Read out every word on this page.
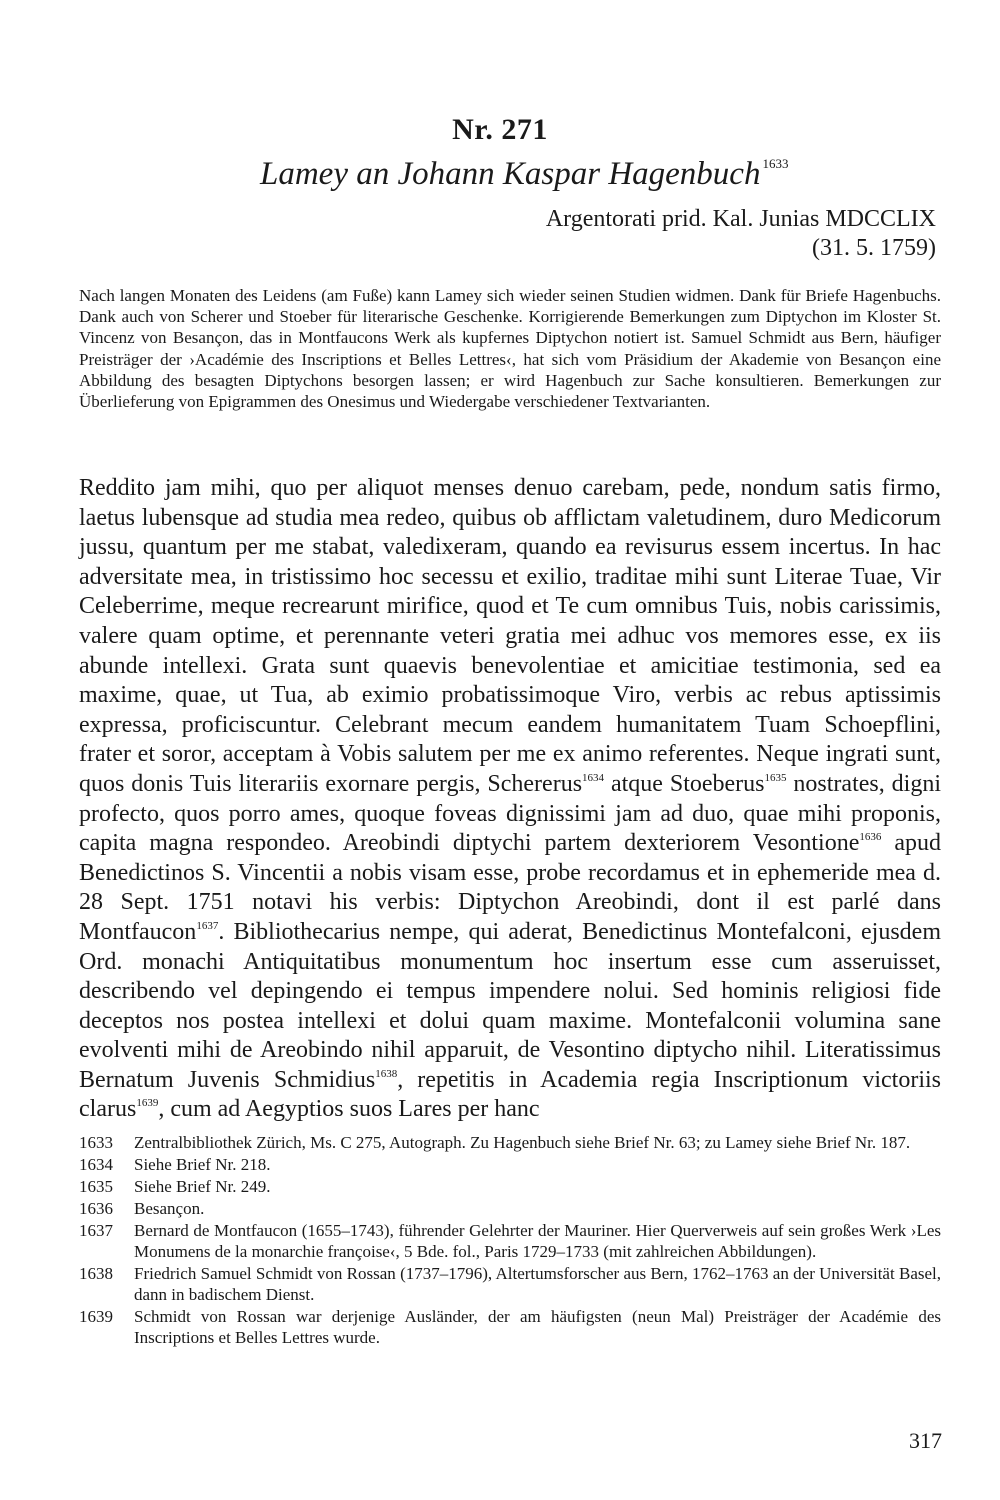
Nr. 271
Lamey an Johann Kaspar Hagenbuch $^{1633}$
Argentorati prid. Kal. Junias MDCCLIX
(31. 5. 1759)
Nach langen Monaten des Leidens (am Fuße) kann Lamey sich wieder seinen Studien widmen. Dank für Briefe Hagenbuchs. Dank auch von Scherer und Stoeber für literarische Geschenke. Korrigierende Bemerkungen zum Diptychon im Kloster St. Vincenz von Besançon, das in Montfaucons Werk als kupfernes Diptychon notiert ist. Samuel Schmidt aus Bern, häufiger Preisträger der ›Académie des Inscriptions et Belles Lettres‹, hat sich vom Präsidium der Akademie von Besançon eine Abbildung des besagten Diptychons besorgen lassen; er wird Hagenbuch zur Sache konsultieren. Bemerkungen zur Überlieferung von Epigrammen des Onesimus und Wiedergabe verschiedener Textvarianten.
Reddito jam mihi, quo per aliquot menses denuo carebam, pede, nondum satis firmo, laetus lubensque ad studia mea redeo, quibus ob afflictam valetudinem, duro Medicorum jussu, quantum per me stabat, valedixeram, quando ea revisurus essem incertus. In hac adversitate mea, in tristissimo hoc secessu et exilio, traditae mihi sunt Literae Tuae, Vir Celeberrime, meque recrearunt mirifice, quod et Te cum omnibus Tuis, nobis carissimis, valere quam optime, et perennante veteri gratia mei adhuc vos memores esse, ex iis abunde intellexi. Grata sunt quaevis benevolentiae et amicitiae testimonia, sed ea maxime, quae, ut Tua, ab eximio probatissimoque Viro, verbis ac rebus aptissimis expressa, proficiscuntur. Celebrant mecum eandem humanitatem Tuam Schoepflini, frater et soror, acceptam à Vobis salutem per me ex animo referentes. Neque ingrati sunt, quos donis Tuis literariis exornare pergis, Schererus$^{1634}$ atque Stoeberus$^{1635}$ nostrates, digni profecto, quos porro ames, quoque foveas dignissimi jam ad duo, quae mihi proponis, capita magna respondeo. Areobindi diptychi partem dexteriorem Vesontione$^{1636}$ apud Benedictinos S. Vincentii a nobis visam esse, probe recordamus et in ephemeride mea d. 28 Sept. 1751 notavi his verbis: Diptychon Areobindi, dont il est parlé dans Montfaucon$^{1637}$. Bibliothecarius nempe, qui aderat, Benedictinus Montefalconi, ejusdem Ord. monachi Antiquitatibus monumentum hoc insertum esse cum asseruisset, describendo vel depingendo ei tempus impendere nolui. Sed hominis religiosi fide deceptos nos postea intellexi et dolui quam maxime. Montefalconii volumina sane evolventi mihi de Areobindo nihil apparuit, de Vesontino diptycho nihil. Literatissimus Bernatum Juvenis Schmidius$^{1638}$, repetitis in Academia regia Inscriptionum victoriis clarus$^{1639}$, cum ad Aegyptios suos Lares per hanc
1633 Zentralbibliothek Zürich, Ms. C 275, Autograph. Zu Hagenbuch siehe Brief Nr. 63; zu Lamey siehe Brief Nr. 187.
1634 Siehe Brief Nr. 218.
1635 Siehe Brief Nr. 249.
1636 Besançon.
1637 Bernard de Montfaucon (1655–1743), führender Gelehrter der Mauriner. Hier Querverweis auf sein großes Werk ›Les Monumens de la monarchie françoise‹, 5 Bde. fol., Paris 1729–1733 (mit zahlreichen Abbildungen).
1638 Friedrich Samuel Schmidt von Rossan (1737–1796), Altertumsforscher aus Bern, 1762–1763 an der Universität Basel, dann in badischem Dienst.
1639 Schmidt von Rossan war derjenige Ausländer, der am häufigsten (neun Mal) Preisträger der Académie des Inscriptions et Belles Lettres wurde.
317
